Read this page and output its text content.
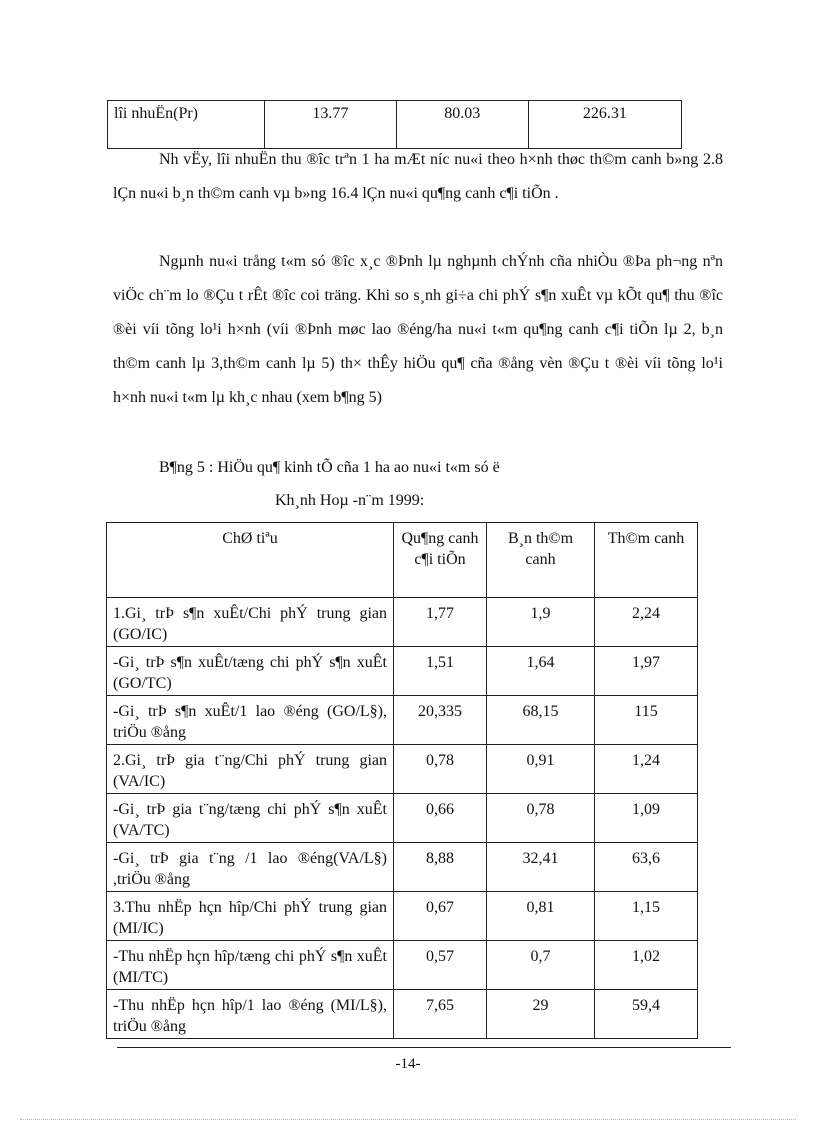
lîi nhuËn(Pr)	13.77	80.03	226.31

Nh vËy, lîi nhuËn thu ®îc trªn 1 ha mÆt níc nu«i theo h×nh thøc th©m canh b»ng 2.8 lÇn nu«i b¸n th©m canh vµ b»ng 16.4 lÇn nu«i qu¶ng canh c¶i tiÕn .

Ngµnh nu«i trång t«m só ®îc x¸c ®Þnh lµ nghµnh chÝnh cña nhiÒu ®Þa ph¬ng nªn viÖc ch¨m lo ®Çu t rÊt ®îc coi träng. Khi so s¸nh gi÷a chi phÝ s¶n xuÊt vµ kÕt qu¶ thu ®îc ®èi víi tõng lo¹i h×nh (víi ®Þnh møc lao ®éng/ha nu«i t«m qu¶ng canh c¶i tiÕn lµ 2, b¸n th©m canh lµ 3,th©m canh lµ 5) th× thÊy hiÖu qu¶ cña ®ång vèn ®Çu t ®èi víi tõng lo¹i h×nh nu«i t«m lµ kh¸c nhau (xem b¶ng 5)

B¶ng 5 : HiÖu qu¶ kinh tÕ cña 1 ha ao nu«i t«m só ë
Kh¸nh Hoµ -n¨m 1999:
ChØ tiªu	Qu¶ng canh c¶i tiÕn	B¸n th©m canh	Th©m canh
1.Gi¸ trÞ s¶n xuÊt/Chi phÝ trung gian (GO/IC)	1,77	1,9	2,24
-Gi¸ trÞ s¶n xuÊt/tæng chi phÝ s¶n xuÊt (GO/TC)	1,51	1,64	1,97
-Gi¸ trÞ s¶n xuÊt/1 lao ®éng (GO/L§), triÖu ®ång	20,335	68,15	115
2.Gi¸ trÞ gia t¨ng/Chi phÝ trung gian (VA/IC)	0,78	0,91	1,24
-Gi¸ trÞ gia t¨ng/tæng chi phÝ s¶n xuÊt (VA/TC)	0,66	0,78	1,09
-Gi¸ trÞ gia t¨ng /1 lao ®éng(VA/L§) ,triÖu ®ång	8,88	32,41	63,6
3.Thu nhËp hçn hîp/Chi phÝ trung gian (MI/IC)	0,67	0,81	1,15
-Thu nhËp hçn hîp/tæng chi phÝ s¶n xuÊt (MI/TC)	0,57	0,7	1,02
-Thu nhËp hçn hîp/1 lao ®éng (MI/L§), triÖu ®ång	7,65	29	59,4
-14-
